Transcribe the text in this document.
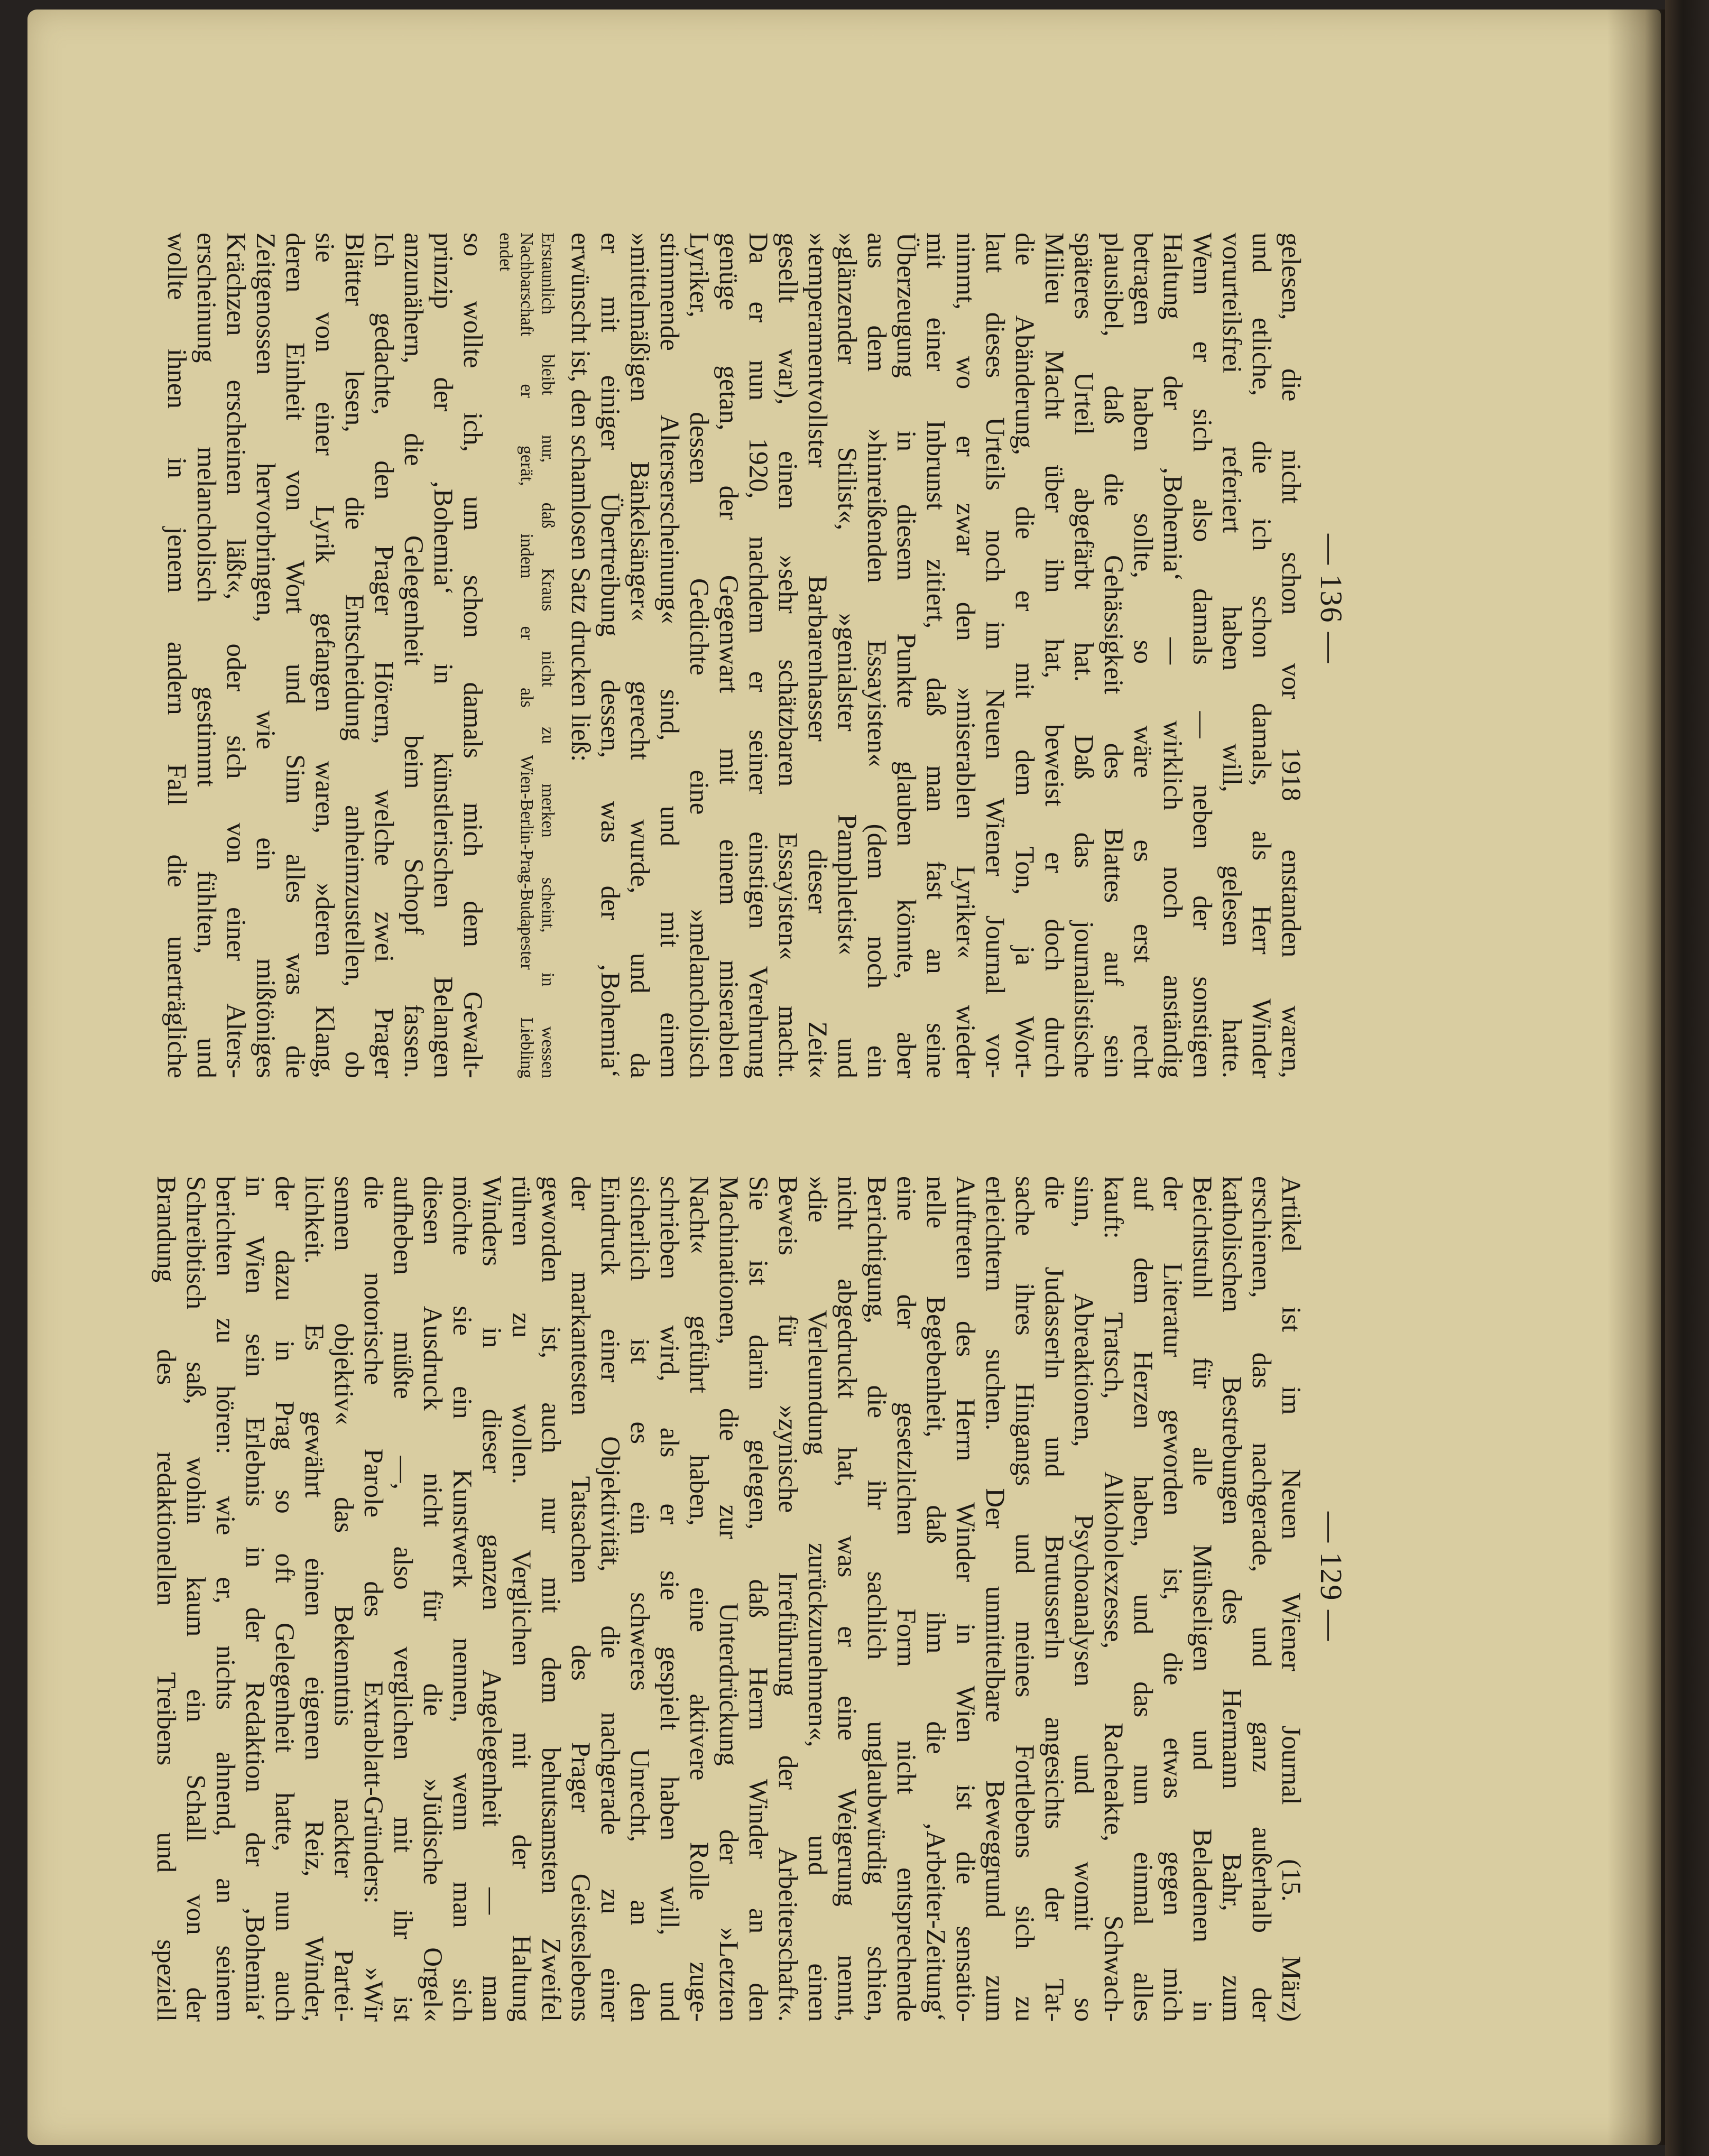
— 136 —

gelesen, die nicht schon vor 1918 enstanden waren,

und etliche, die ich schon damals, als Herr Winder

vorurteilsfrei referiert haben will, gelesen hatte.

Wenn er sich also damals — neben der sonstigen

Haltung der ‚Bohemia‘ — wirklich noch anständig

betragen haben sollte, so wäre es erst recht

plausibel, daß die Gehässigkeit des Blattes auf sein

späteres Urteil abgefärbt hat. Daß das journalistische

Milieu Macht über ihn hat, beweist er doch durch

die Abänderung, die er mit dem Ton, ja Wort-

laut dieses Urteils noch im Neuen Wiener Journal vor-

nimmt, wo er zwar den »miserablen Lyriker« wieder

mit einer Inbrunst zitiert, daß man fast an seine

Überzeugung in diesem Punkte glauben könnte, aber

aus dem »hinreißenden Essayisten« (dem noch ein

»glänzender Stilist«, »genialster Pamphletist« und

»temperamentvollster Barbarenhasser dieser Zeit«

gesellt war), einen »sehr schätzbaren Essayisten« macht.

Da er nun 1920, nachdem er seiner einstigen Verehrung

genüge getan, der Gegenwart mit einem miserablen

Lyriker, dessen Gedichte eine »melancholisch

stimmende Alterserscheinung« sind, und mit einem

»mittelmäßigen Bänkelsänger« gerecht wurde, und da

er mit einiger Übertreibung dessen, was der ‚Bohemia‘

erwünscht ist, den schamlosen Satz drucken ließ:

Erstaunlich bleibt nur, daß Kraus nicht zu merken scheint, in wessen

Nachbarschaft er gerät, indem er als Wien-Berlin-Prag-Budapester Liebling

endet

so wollte ich, um schon damals mich dem Gewalt-

prinzip der ‚Bohemia‘ in künstlerischen Belangen

anzunähern, die Gelegenheit beim Schopf fassen.

Ich gedachte, den Prager Hörern, welche zwei Prager

Blätter lesen, die Entscheidung anheimzustellen, ob

sie von einer Lyrik gefangen waren, »deren Klang,

deren Einheit von Wort und Sinn alles was die

Zeitgenossen hervorbringen, wie ein mißtöniges

Krächzen erscheinen läßt«, oder sich von einer Alters-

erscheinung melancholisch gestimmt fühlten, und

wollte ihnen in jenem andern Fall die unerträgliche

— 129 —

Artikel ist im Neuen Wiener Journal (15. März)

erschienen, das nachgerade, und ganz außerhalb der

katholischen Bestrebungen des Hermann Bahr, zum

Beichtstuhl für alle Mühseligen und Beladenen in

der Literatur geworden ist, die etwas gegen mich

auf dem Herzen haben, und das nun einmal alles

kauft: Tratsch, Alkoholexzesse, Racheakte, Schwach-

sinn, Abreaktionen, Psychoanalysen und womit so

die Judasserln und Brutusserln angesichts der Tat-

sache ihres Hingangs und meines Fortlebens sich zu

erleichtern suchen. Der unmittelbare Beweggrund zum

Auftreten des Herrn Winder in Wien ist die sensatio-

nelle Begebenheit, daß ihm die ‚Arbeiter-Zeitung‘

eine der gesetzlichen Form nicht entsprechende

Berichtigung, die ihr sachlich unglaubwürdig schien,

nicht abgedruckt hat, was er eine Weigerung nennt,

»die Verleumdung zurückzunehmen«, und einen

Beweis für »zynische Irreführung der Arbeiterschaft«.

Sie ist darin gelegen, daß Herrn Winder an den

Machinationen, die zur Unterdrückung der »Letzten

Nacht« geführt haben, eine aktivere Rolle zuge-

schrieben wird, als er sie gespielt haben will, und

sicherlich ist es ein schweres Unrecht, an den

Eindruck einer Objektivität, die nachgerade zu einer

der markantesten Tatsachen des Prager Geisteslebens

geworden ist, auch nur mit dem behutsamsten Zweifel

rühren zu wollen. Verglichen mit der Haltung

Winders in dieser ganzen Angelegenheit — man

möchte sie ein Kunstwerk nennen, wenn man sich

diesen Ausdruck nicht für die »Jüdische Orgel«

aufheben müßte —, also verglichen mit ihr ist

die notorische Parole des Extrablatt-Gründers: »Wir

sennen objektiv« das Bekenntnis nackter Partei-

lichkeit. Es gewährt einen eigenen Reiz, Winder,

der dazu in Prag so oft Gelegenheit hatte, nun auch

in Wien sein Erlebnis in der Redaktion der ‚Bohemia‘

berichten zu hören: wie er, nichts ahnend, an seinem

Schreibtisch saß, wohin kaum ein Schall von der

Brandung des redaktionellen Treibens und speziell
